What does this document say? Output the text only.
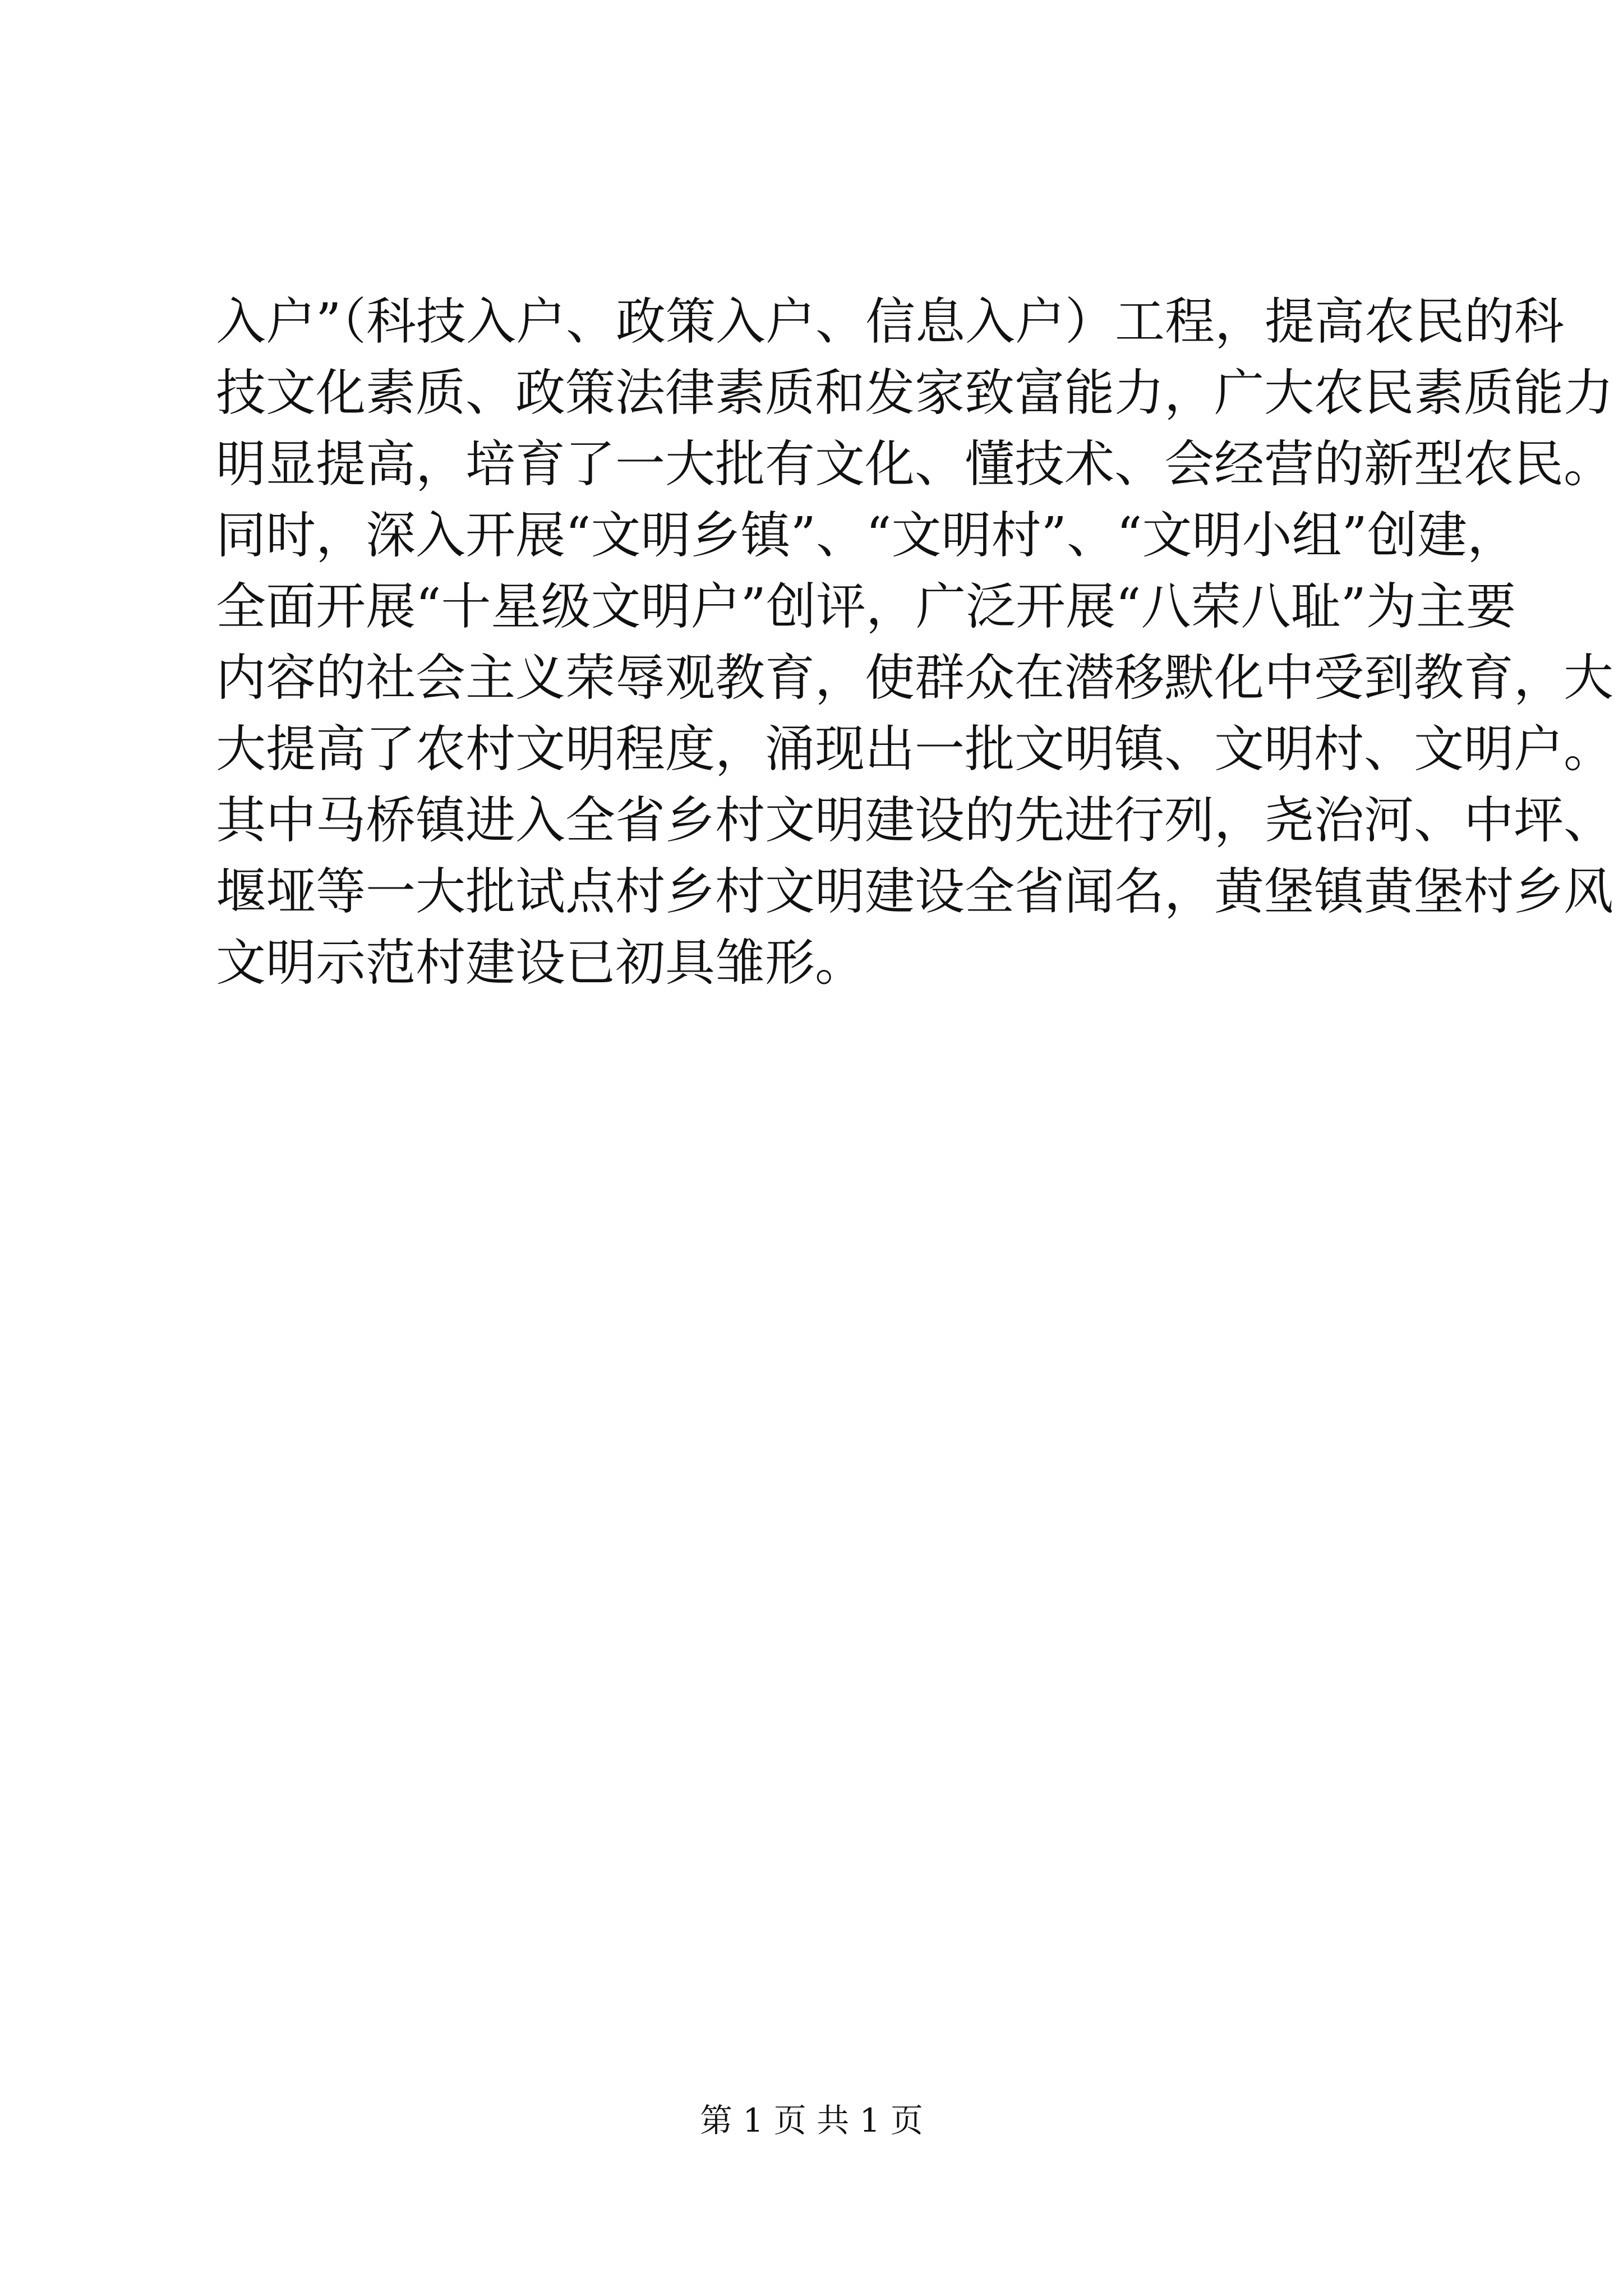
入户”（科技入户、政策入户、信息入户）工程，提高农民的科
技文化素质、政策法律素质和发家致富能力，广大农民素质能力
明显提高，培育了一大批有文化、懂技术、会经营的新型农民。
同时，深入开展“文明乡镇”、“文明村”、“文明小组”创建，
全面开展“十星级文明户”创评，广泛开展“八荣八耻”为主要
内容的社会主义荣辱观教育，使群众在潜移默化中受到教育，大
大提高了农村文明程度，涌现出一批文明镇、文明村、文明户。
其中马桥镇进入全省乡村文明建设的先进行列，尧治河、中坪、
堰垭等一大批试点村乡村文明建设全省闻名，黄堡镇黄堡村乡风
文明示范村建设已初具雏形。
第 1 页 共 1 页
